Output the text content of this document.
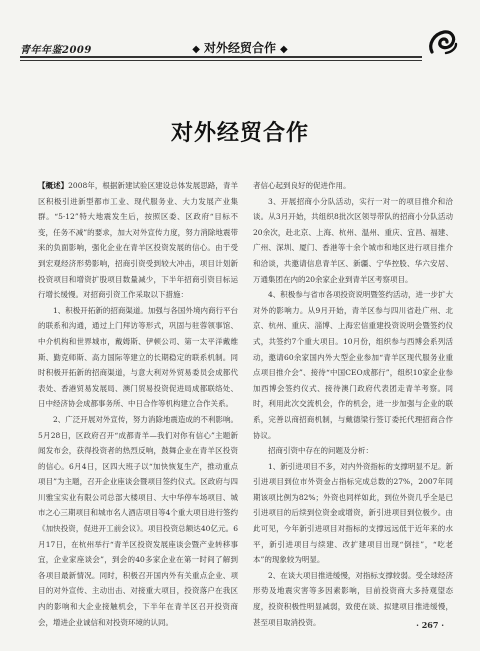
青年年鉴2009	◆ 对外经贸合作 ◆
对外经贸合作

【概述】2008年，根据新建试验区建设总体发展思路，青羊区积极引进新型都市工业、现代服务业、大力发展产业集群。“5·12”特大地震发生后，按照区委、区政府“目标不变，任务不减”的要求，加大对外宣传力度，努力消除地震带来的负面影响，强化企业在青羊区投资发展的信心。由于受到宏观经济形势影响，招商引资受到较大冲击，项目计划新投资项目和增资扩股项目数量减少，下半年招商引资目标运行增长缓慢。对招商引资工作采取以下措施：

1、积极开拓新的招商渠道。加强与各国外境内商行平台的联系和沟通，通过上门拜访等形式，巩固与驻蓉领事馆、中介机构和世界城市，戴姆斯、伊顿公司、第一太平洋戴维斯、勤克师斯、高力国际等建立的长期稳定的联系机制。同时积极开拓新的招商渠道，与意大利对外贸易委员会成都代表处、香港贸易发展局、澳门贸易投资促进局成都联络处、日中经济协会成都事务所、中日合作等机构建立合作关系。

2、广泛开展对外宣传，努力消除地震造成的不利影响。5月28日，区政府召开“成都青羊—我们对你有信心”主题新闻发布会，获得投资者的热烈反响，鼓舞企业在青羊区投资的信心。6月4日，区四大班子以“加快恢复生产，推动重点项目”为主题，召开企业座谈会暨项目签约仪式。区政府与四川雅宝实业有限公司总部大楼项目、大中华停车场项目、城市之心三期项目和城市名人酒店项目等4个重大项目进行签约《加快投资，促进开工前会议》。项目投资总额达40亿元。6月17日，在杭州举行“青羊区投资发展座谈会暨产业转移事宜，企业家座谈会”，到会的40多家企业在第一时间了解到各项目最新情况。同时，积极召开国内外有关重点企业、项目的对外宣传、主动出击、对接重大项目，投资落户在我区内的影响和大企业接触机会，下半年在青羊区召开投资商会，增进企业诚信和对投资环境的认同。

者信心起到良好的促进作用。

3、开展招商小分队活动，实行一对一的项目推介和洽谈。从3月开始，共组织8批次区领导带队的招商小分队活动20余次，赴北京、上海、杭州、温州、重庆、宜昌、福建、广州、深圳、厦门、香港等十余个城市和地区进行项目推介和洽谈，共邀请信息青羊区、新疆、宁华控股、华六安居、万通集团在内的20余家企业到青羊区考察项目。

4、积极参与省市各项投资说明暨签约活动，进一步扩大对外的影响力。从9月开始，青羊区参与四川省赴广州、北京、杭州、重庆、淄博、上海宏信重建投资说明会暨签约仪式，共签约7个重大项目。10月份，组织参与西博会系列活动，邀请60余家国内外大型企业参加“青羊区现代服务业重点项目推介会”、接待“中国CEO成都行”，组织10家企业参加西博会签约仪式、接待澳门政府代表团走青羊考察。同时，利用此次交流机会，作的机会，进一步加强与企业的联系，完善以商招商机制，与戴德梁行签订委托代理招商合作协议。

招商引资中存在的问题及分析：

1、新引进项目不多，对内外资指标的支撑明显不足。新引进项目到位市外资金占指标完成总数的27%，2007年同期该项比例为82%；外资也同样如此，到位外资几乎全是已引进项目的后续到位资金或增资，新引进项目到位极少。由此可见，今年新引进项目对指标的支撑远远低于近年来的水平，新引进项目与续建、改扩建项目出现“倒挂”，“吃老本”的现象较为明显。

2、在谈大项目推进缓慢，对指标支撑较弱。受全球经济形势及地震灾害等多因素影响，目前投资商大多持观望态度，投资积极性明显减弱，致使在谈、拟建项目推进缓慢，甚至项目取消投资。	· 267 ·
